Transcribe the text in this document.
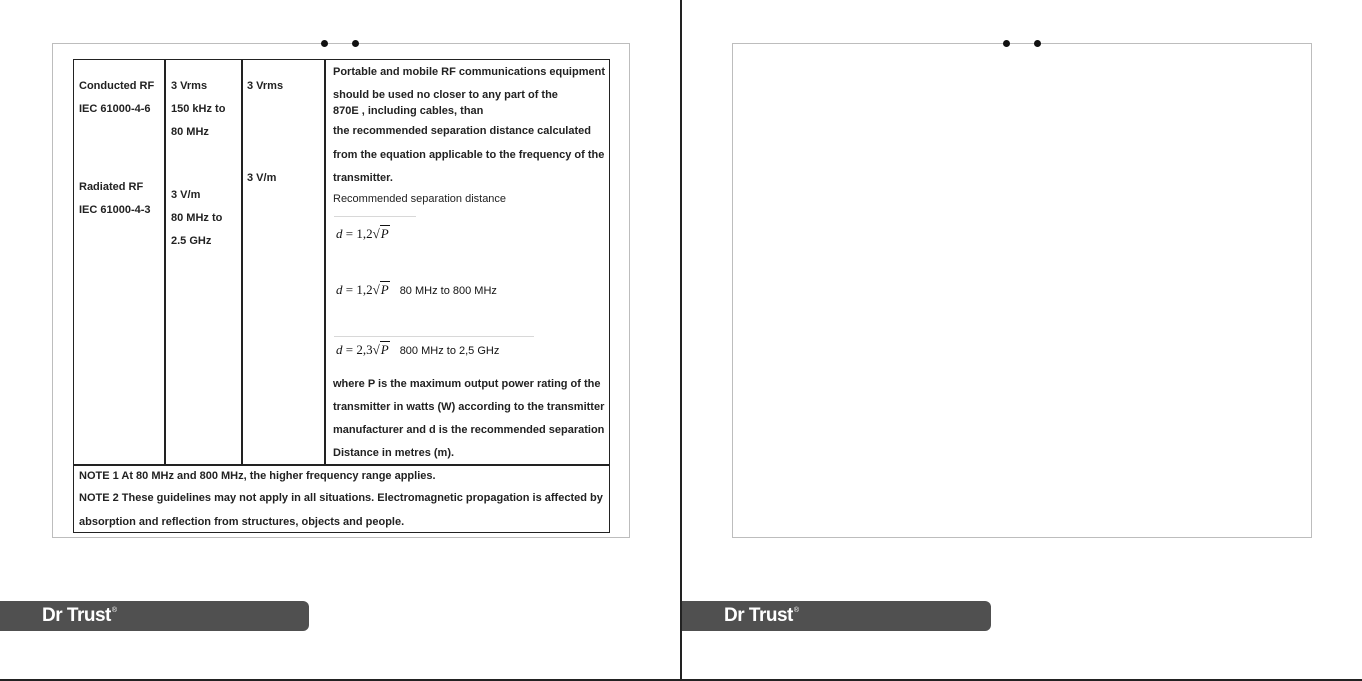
Conducted RF
IEC 61000-4-6
3 Vrms
150 kHz to
80 MHz
3 Vrms
Radiated RF
IEC 61000-4-3
3 V/m
80 MHz to
2.5 GHz
3 V/m
Portable and mobile RF communications equipment
should be used no closer to any part of the
870E , including cables, than
the recommended separation distance calculated
from the equation applicable to the frequency of the
transmitter.
Recommended separation distance
d = 1,2√P
d = 1,2√P 80 MHz to 800 MHz
d = 2,3√P 800 MHz to 2,5 GHz
where P is the maximum output power rating of the
transmitter in watts (W) according to the transmitter
manufacturer and d is the recommended separation
Distance in metres (m).
NOTE 1 At 80 MHz and 800 MHz, the higher frequency range applies.
NOTE 2 These guidelines may not apply in all situations. Electromagnetic propagation is affected by
absorption and reflection from structures, objects and people.
Dr Trust®	Dr Trust®
